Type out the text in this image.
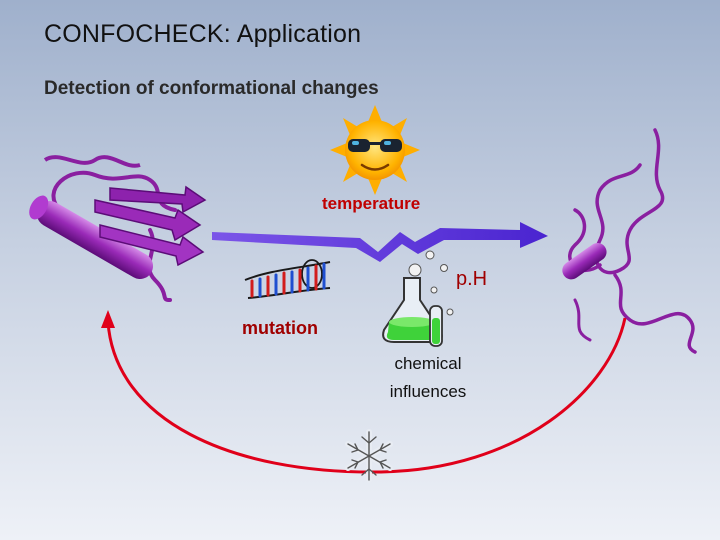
CONFOCHECK: Application
Detection of conformational changes
temperature
p.H
mutation
chemical
influences
